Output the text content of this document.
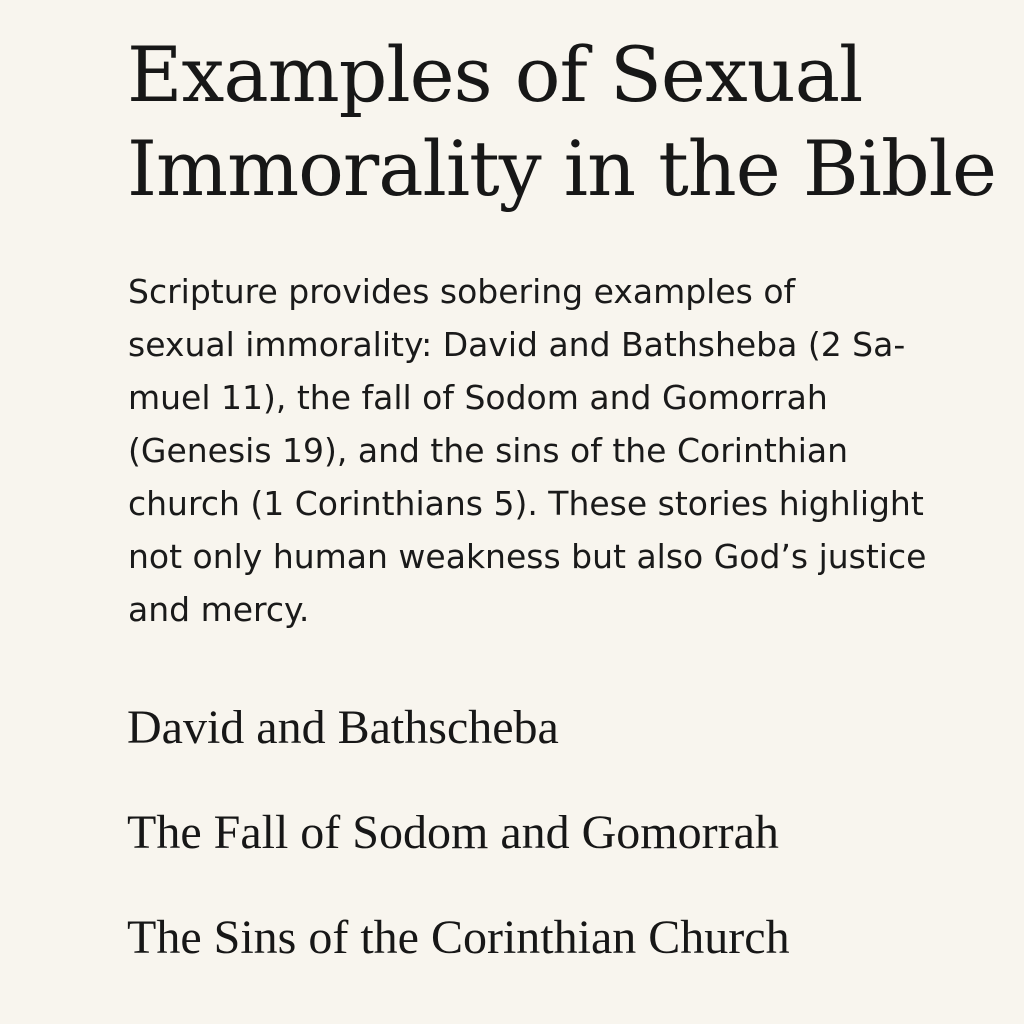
Examples of Sexual
Immorality in the Bible

Scripture provides sobering examples of
sexual immorality: David and Bathsheba (2 Sa-
muel 11), the fall of Sodom and Gomorrah
(Genesis 19), and the sins of the Corinthian
church (1 Corinthians 5). These stories highlight
not only human weakness but also God’s justice
and mercy.

David and Bathscheba
The Fall of Sodom and Gomorrah
The Sins of the Corinthian Church
